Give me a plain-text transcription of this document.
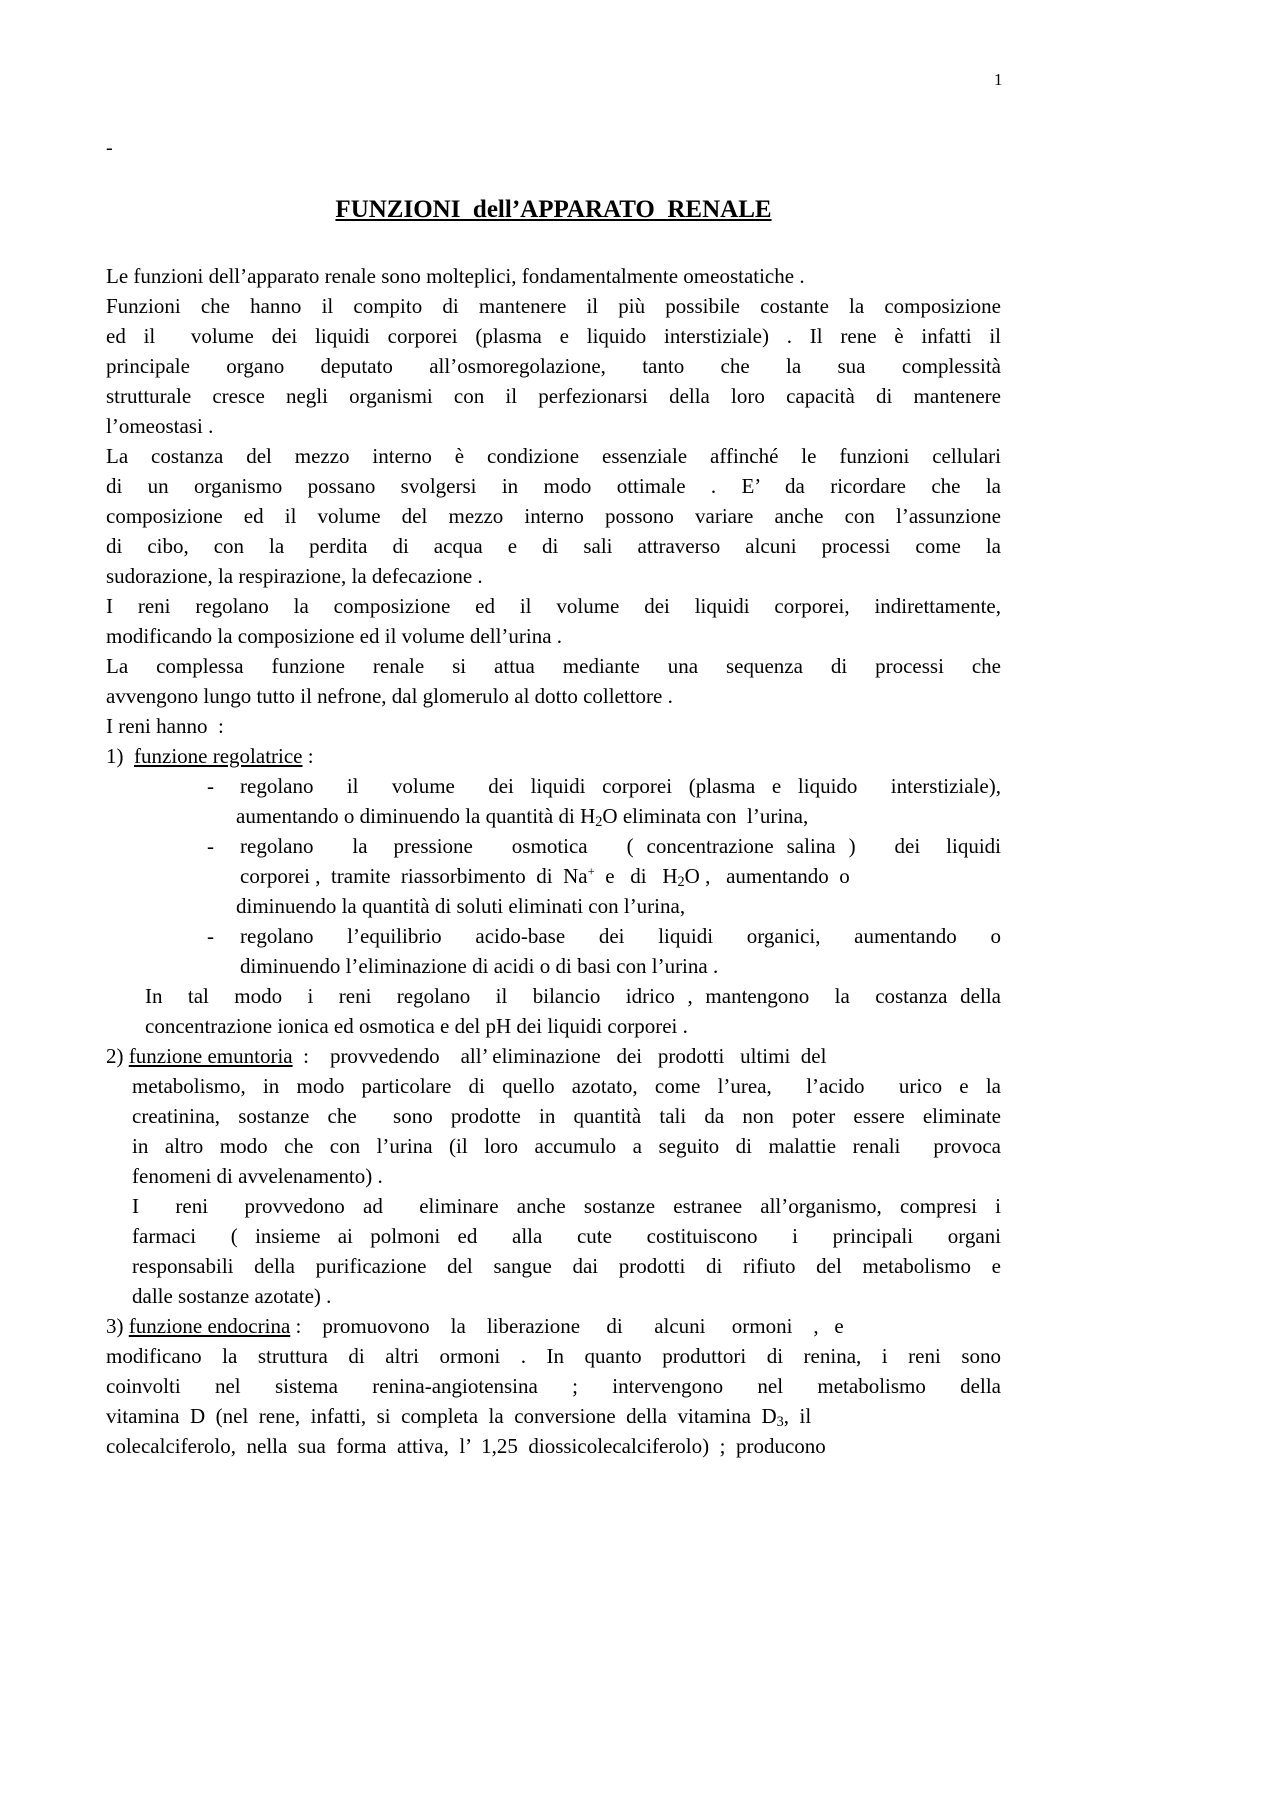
1
-
FUNZIONI  dell’APPARATO  RENALE
Le funzioni dell’apparato renale sono molteplici, fondamentalmente omeostatiche .
Funzioni che hanno il compito di mantenere il più possibile costante la composizione
ed il  volume dei liquidi corporei (plasma e liquido interstiziale) . Il rene è infatti il
principale organo deputato all’osmoregolazione, tanto che la sua complessità
strutturale cresce negli organismi con il perfezionarsi della loro capacità di mantenere
l’omeostasi .
La costanza del mezzo interno è condizione essenziale affinché le funzioni cellulari
di un organismo possano svolgersi in modo ottimale . E’ da ricordare che la
composizione ed il volume del mezzo interno possono variare anche con l’assunzione
di cibo, con la perdita di acqua e di sali attraverso alcuni processi come la
sudorazione, la respirazione, la defecazione .
I reni regolano la composizione ed il volume dei liquidi corporei, indirettamente,
modificando la composizione ed il volume dell’urina .
La complessa funzione renale si attua mediante una sequenza di processi che
avvengono lungo tutto il nefrone, dal glomerulo al dotto collettore .
I reni hanno  :
1) funzione regolatrice :
- regolano  il  volume  dei liquidi corporei (plasma e liquido  interstiziale),
aumentando o diminuendo la quantità di $H_2O$ eliminata con  l’urina,
- regolano   la  pressione   osmotica   ( concentrazione salina )   dei  liquidi
corporei ,  tramite  riassorbimento  di  Na+  e   di   $H_2O$ ,   aumentando  o
diminuendo la quantità di soluti eliminati con l’urina,
- regolano  l’equilibrio  acido-base  dei  liquidi  organici,  aumentando  o
diminuendo l’eliminazione di acidi o di basi con l’urina .
In  tal  modo  i  reni  regolano  il  bilancio  idrico , mantengono  la  costanza della
concentrazione ionica ed osmotica e del pH dei liquidi corporei .
2) funzione emuntoria  :    provvedendo    all’ eliminazione   dei   prodotti   ultimi  del
metabolismo, in modo particolare di quello azotato, come l’urea,  l’acido  urico e la
creatinina, sostanze che  sono prodotte in quantità tali da non poter essere eliminate
in altro modo che con l’urina (il loro accumulo a seguito di malattie renali  provoca
fenomeni di avvelenamento) .
I  reni  provvedono ad  eliminare anche sostanze estranee all’organismo, compresi i
farmaci  ( insieme ai polmoni ed  alla  cute  costituiscono  i  principali  organi
responsabili della purificazione del sangue dai prodotti di rifiuto del metabolismo e
dalle sostanze azotate) .
3) funzione endocrina :    promuovono    la    liberazione     di      alcuni     ormoni    ,   e
modificano la struttura di altri ormoni . In quanto produttori di renina, i reni sono
coinvolti  nel  sistema  renina-angiotensina  ;  intervengono  nel  metabolismo  della
vitamina  D  (nel  rene,  infatti,  si  completa  la  conversione  della  vitamina  $D_3$,  il
colecalciferolo,  nella  sua  forma  attiva,  l’  1,25  diossicolecalciferolo)  ;  producono
